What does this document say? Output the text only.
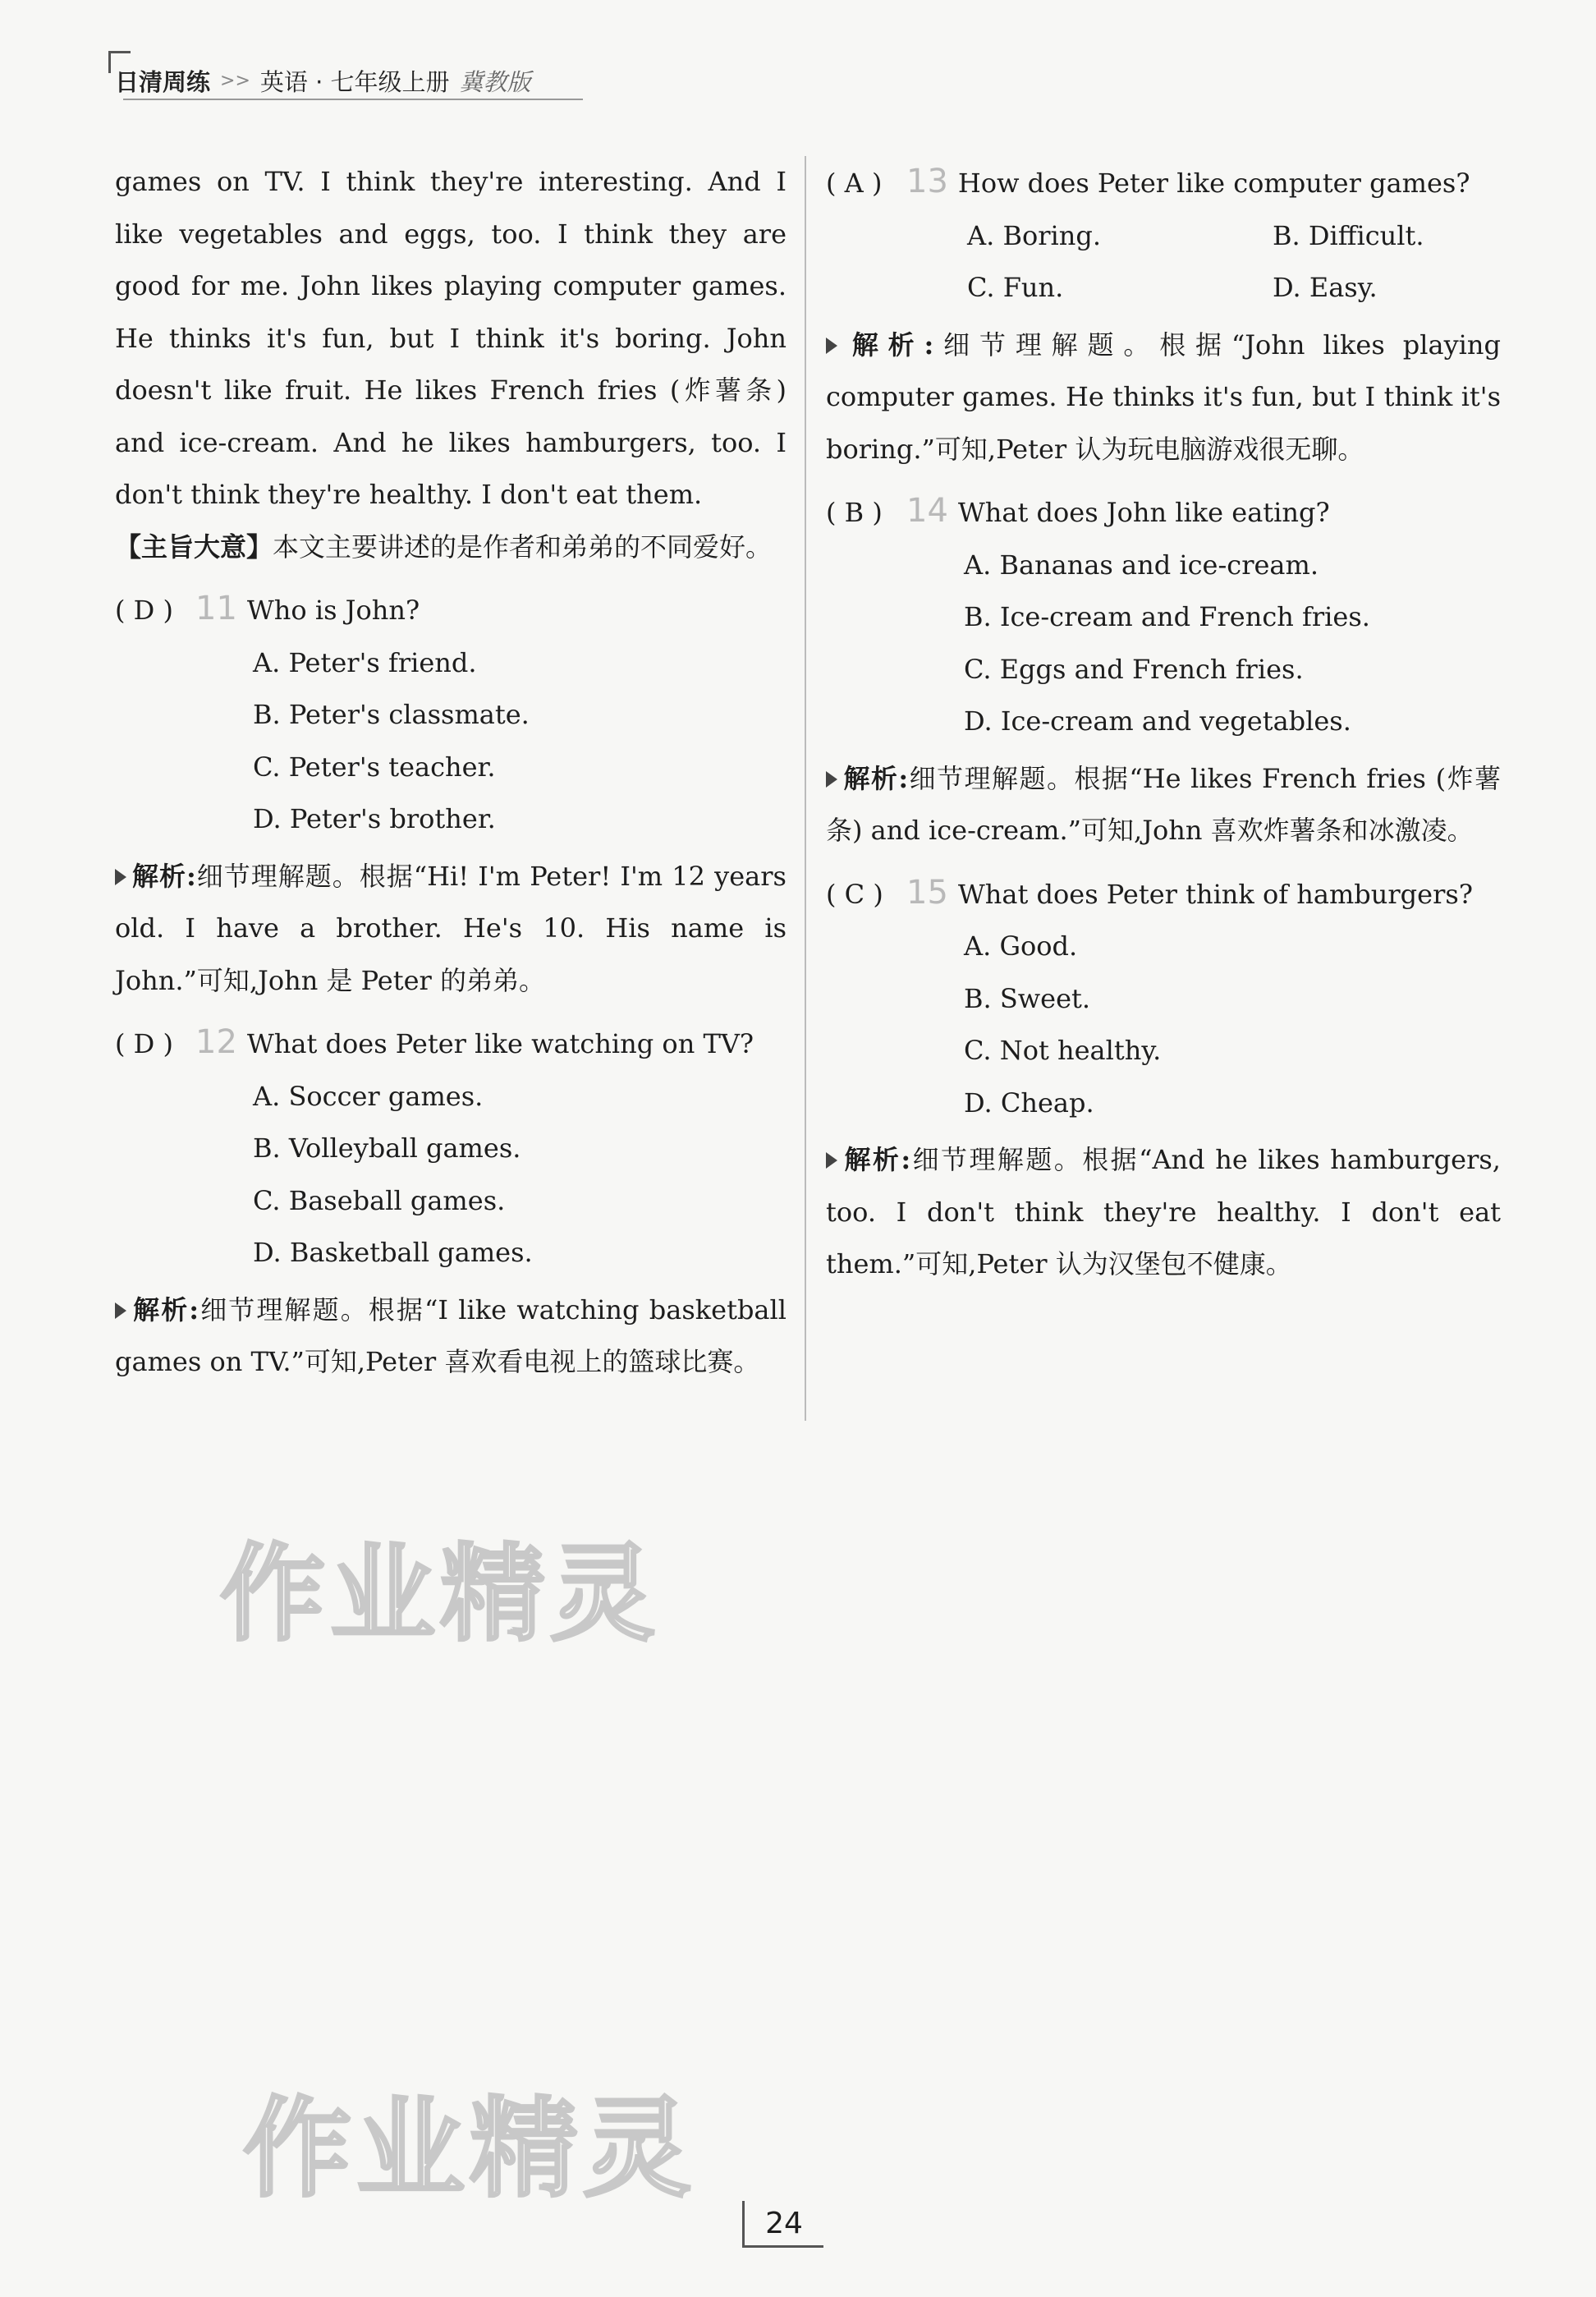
日清周练 >> 英语 · 七年级上册 冀教版

games on TV. I think they're interesting. And I like vegetables and eggs, too. I think they are good for me. John likes playing computer games. He thinks it's fun, but I think it's boring. John doesn't like fruit. He likes French fries (炸薯条) and ice-cream. And he likes hamburgers, too. I don't think they're healthy. I don't eat them.

【主旨大意】本文主要讲述的是作者和弟弟的不同爱好。

( D ) 11 Who is John?
A. Peter's friend.
B. Peter's classmate.
C. Peter's teacher.
D. Peter's brother.

解析:细节理解题。根据“Hi! I'm Peter! I'm 12 years old. I have a brother. He's 10. His name is John.”可知,John 是 Peter 的弟弟。

( D ) 12 What does Peter like watching on TV?
A. Soccer games.
B. Volleyball games.
C. Baseball games.
D. Basketball games.

解析:细节理解题。根据“I like watching basketball games on TV.”可知,Peter 喜欢看电视上的篮球比赛。

( A ) 13 How does Peter like computer games?
A. Boring.	B. Difficult.
C. Fun.	D. Easy.

解析:细节理解题。根据“John likes playing computer games. He thinks it's fun, but I think it's boring.”可知,Peter 认为玩电脑游戏很无聊。

( B ) 14 What does John like eating?
A. Bananas and ice-cream.
B. Ice-cream and French fries.
C. Eggs and French fries.
D. Ice-cream and vegetables.

解析:细节理解题。根据“He likes French fries (炸薯条) and ice-cream.”可知,John 喜欢炸薯条和冰激凌。

( C ) 15 What does Peter think of hamburgers?
A. Good.
B. Sweet.
C. Not healthy.
D. Cheap.

解析:细节理解题。根据“And he likes hamburgers, too. I don't think they're healthy. I don't eat them.”可知,Peter 认为汉堡包不健康。

作业精灵
作业精灵
24
